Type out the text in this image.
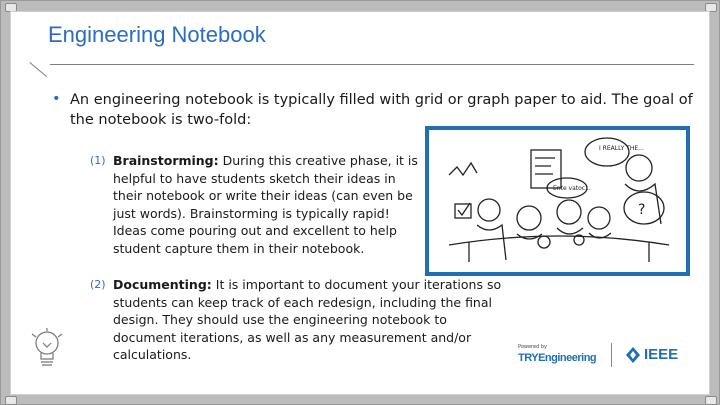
Engineering Notebook
• An engineering notebook is typically filled with grid or graph paper to aid. The goal of the notebook is two-fold:
(1) Brainstorming: During this creative phase, it is helpful to have students sketch their ideas in their notebook or write their ideas (can even be just words). Brainstorming is typically rapid! Ideas come pouring out and excellent to help student capture them in their notebook.
(2) Documenting: It is important to document your iterations so students can keep track of each redesign, including the final design. They should use the engineering notebook to document iterations, as well as any measurement and/or calculations.
I REALLY THE...
Ente vatoc...
?
Powered by
TRYEngineering	IEEE
